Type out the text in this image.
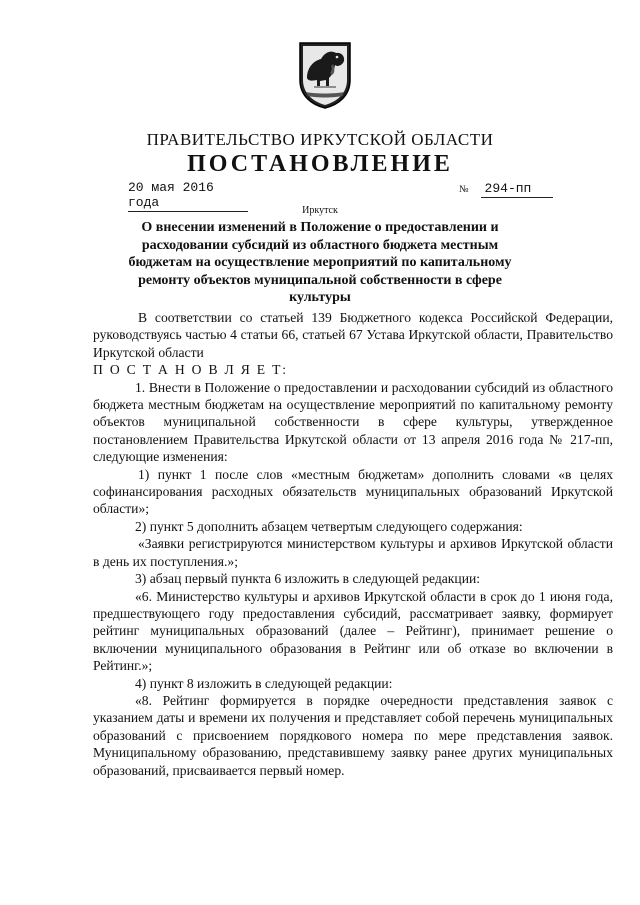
ПРАВИТЕЛЬСТВО ИРКУТСКОЙ ОБЛАСТИ
ПОСТАНОВЛЕНИЕ
20 мая 2016 года
№ 294-пп
Иркутск
О внесении изменений в Положение о предоставлении и расходовании субсидий из областного бюджета местным бюджетам на осуществление мероприятий по капитальному ремонту объектов муниципальной собственности в сфере культуры

В соответствии со статьей 139 Бюджетного кодекса Российской Федерации, руководствуясь частью 4 статьи 66, статьей 67 Устава Иркутской области, Правительство Иркутской области

П О С Т А Н О В Л Я Е Т:

1. Внести в Положение о предоставлении и расходовании субсидий из областного бюджета местным бюджетам на осуществление мероприятий по капитальному ремонту объектов муниципальной собственности в сфере культуры, утвержденное постановлением Правительства Иркутской области от 13 апреля 2016 года № 217-пп, следующие изменения:

1) пункт 1 после слов «местным бюджетам» дополнить словами «в целях софинансирования расходных обязательств муниципальных образований Иркутской области»;

2) пункт 5 дополнить абзацем четвертым следующего содержания:

«Заявки регистрируются министерством культуры и архивов Иркутской области в день их поступления.»;

3) абзац первый пункта 6 изложить в следующей редакции:

«6. Министерство культуры и архивов Иркутской области в срок до 1 июня года, предшествующего году предоставления субсидий, рассматривает заявку, формирует рейтинг муниципальных образований (далее – Рейтинг), принимает решение о включении муниципального образования в Рейтинг или об отказе во включении в Рейтинг.»;

4) пункт 8 изложить в следующей редакции:

«8. Рейтинг формируется в порядке очередности представления заявок с указанием даты и времени их получения и представляет собой перечень муниципальных образований с присвоением порядкового номера по мере представления заявок. Муниципальному образованию, представившему заявку ранее других муниципальных образований, присваивается первый номер.
